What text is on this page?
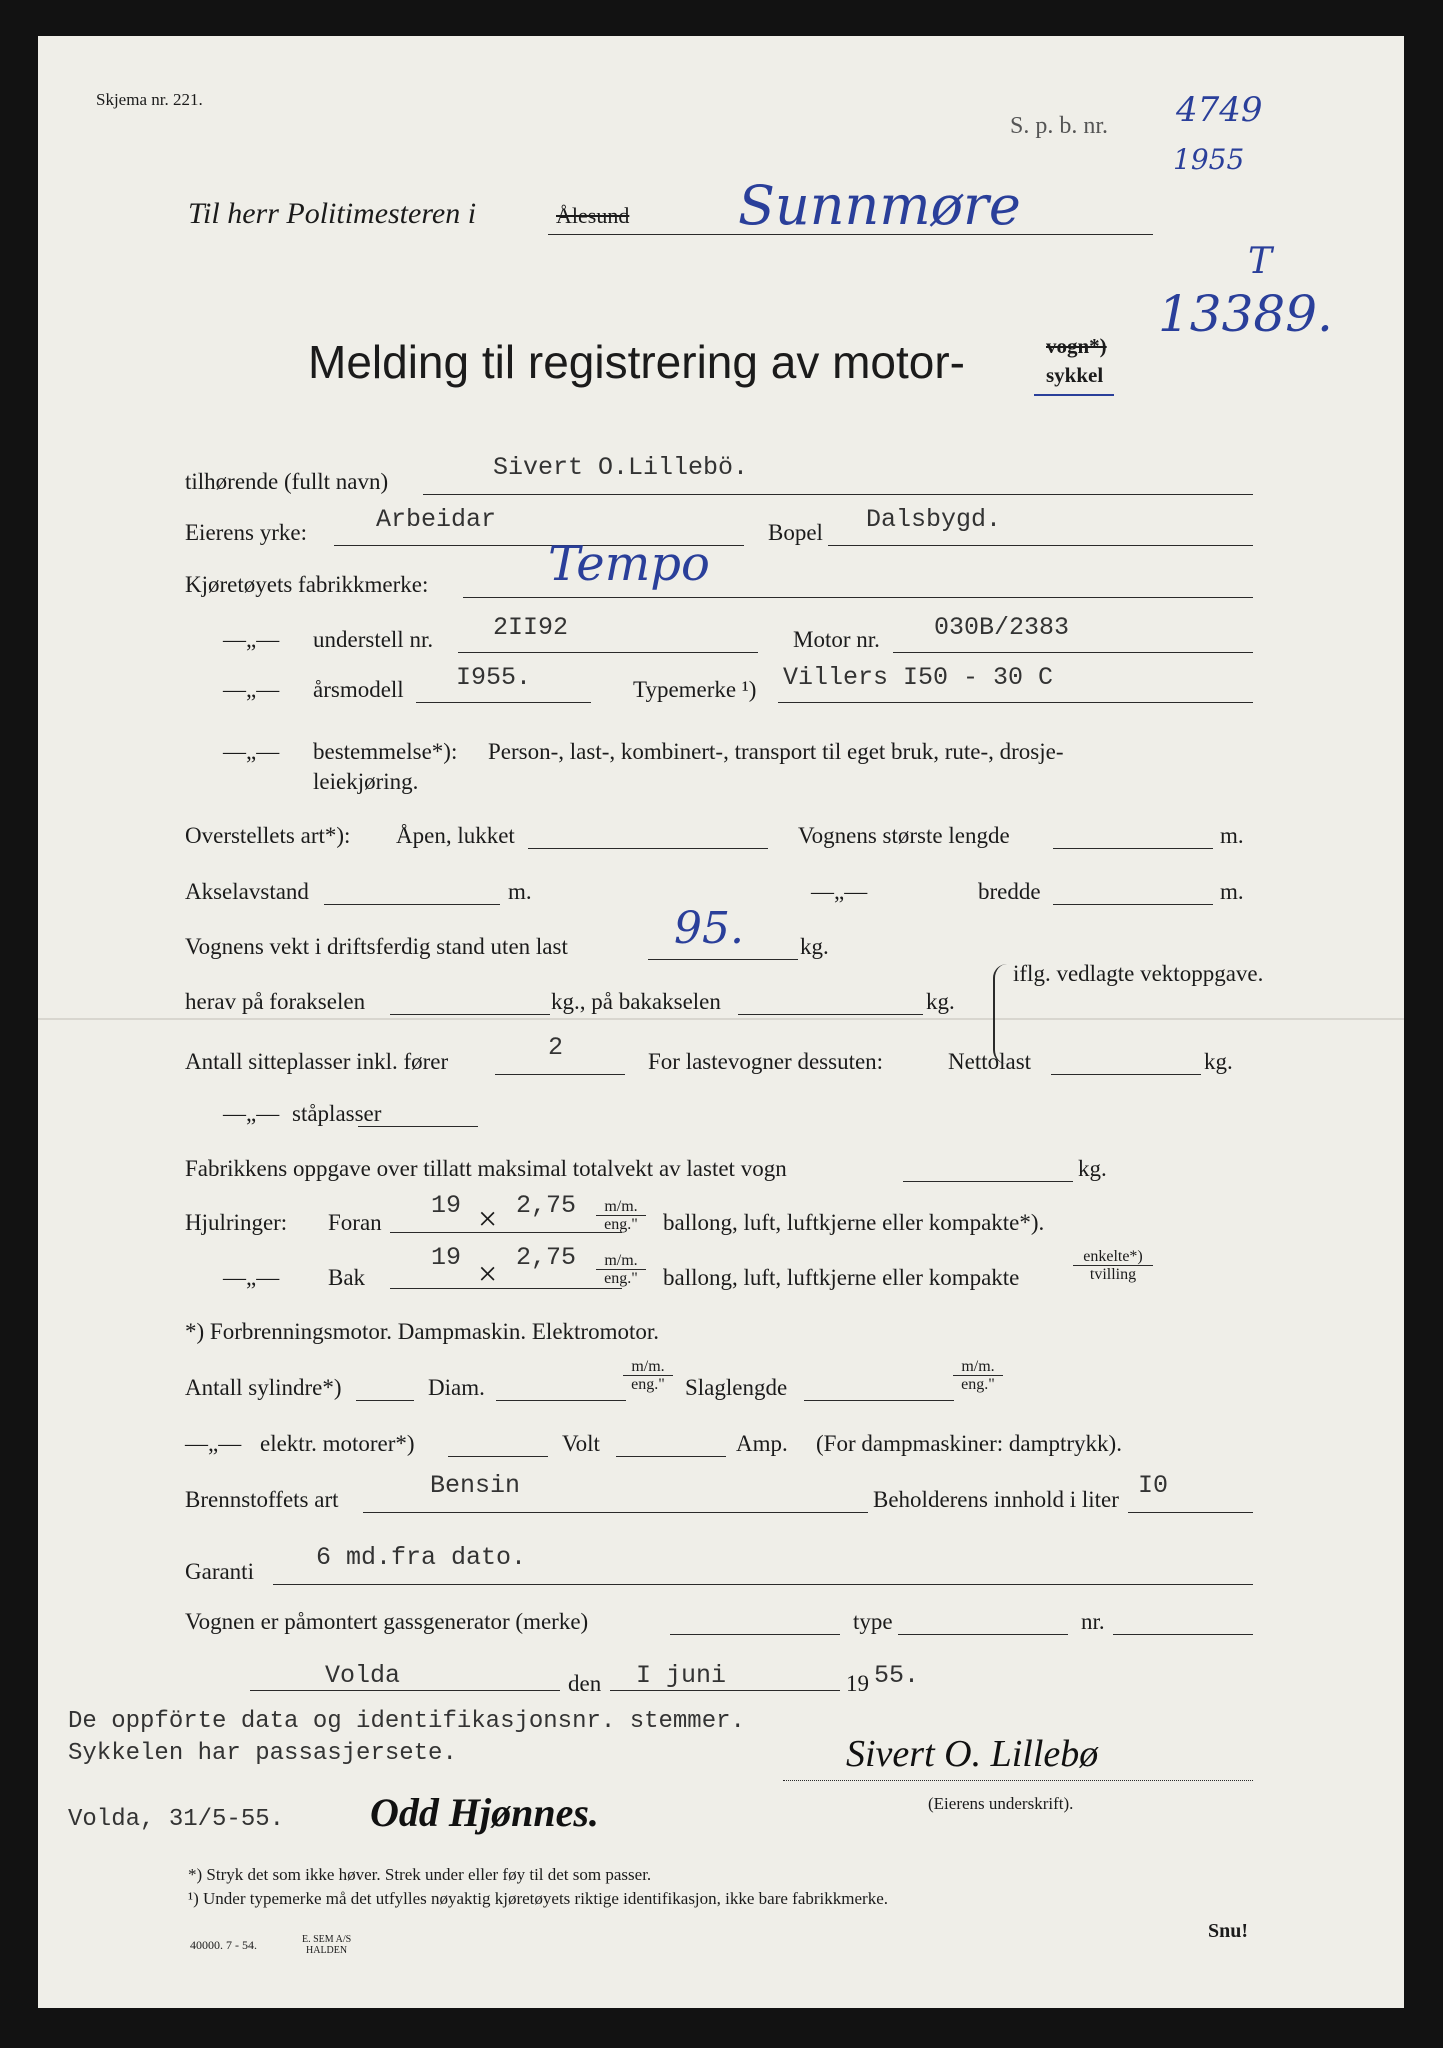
Skjema nr. 221.
S. p. b. nr. 4749
1955
Til herr Politimesteren i	Ålesund Sunnmøre
T
13389.
Melding til registrering av motor-	vogn*)
sykkel
tilhørende (fullt navn)	Sivert O.Lillebö.
Eierens yrke:	Arbeidar	Bopel Dalsbygd.
Kjøretøyets fabrikkmerke: Tempo
—„— understell nr. 2II92	Motor nr. 030B/2383
—„— årsmodell I955.	Typemerke ¹) Villers I50 - 30 C
—„— bestemmelse*): Person-, last-, kombinert-, transport til eget bruk, rute-, drosje-
leiekjøring.
Overstellets art*): Åpen, lukket	Vognens største lengde	m.
Akselavstand	m.	—„—	bredde	m.
Vognens vekt i driftsferdig stand uten last 95. kg.
iflg. vedlagte vektoppgave.
herav på forakselen	kg., på bakakselen	kg.
Antall sitteplasser inkl. fører	2	For lastevogner dessuten:	Nettolast	kg.
—„— ståplasser
Fabrikkens oppgave over tillatt maksimal totalvekt av lastet vogn	kg.
Hjulringer: Foran
19 × 2,75	m/m.
eng."	ballong, luft, luftkjerne eller kompakte*).
—„— Bak
19 × 2,75	m/m.
eng."	ballong, luft, luftkjerne eller kompakte
enkelte*)
tvilling
*) Forbrenningsmotor. Dampmaskin. Elektromotor.
Antall sylindre*)	Diam.
m/m.
eng." Slaglengde
m/m.
eng."
—„— elektr. motorer*)	Volt	Amp. (For dampmaskiner: damptrykk).
Brennstoffets art	Bensin	Beholderens innhold i liter I0
Garanti 6 md.fra dato.
Vognen er påmontert gassgenerator (merke)	type	nr.
Volda	den I juni	19 55.
De oppförte data og identifikasjonsnr. stemmer.
Sykkelen har passasjersete.
Volda, 31/5-55. Odd Hjønnes.
Sivert O. Lillebø
(Eierens underskrift).
*) Stryk det som ikke høver. Strek under eller føy til det som passer.
¹) Under typemerke må det utfylles nøyaktig kjøretøyets riktige identifikasjon, ikke bare fabrikkmerke.
40000. 7 - 54.	E. SEM A/S
HALDEN
Snu!
